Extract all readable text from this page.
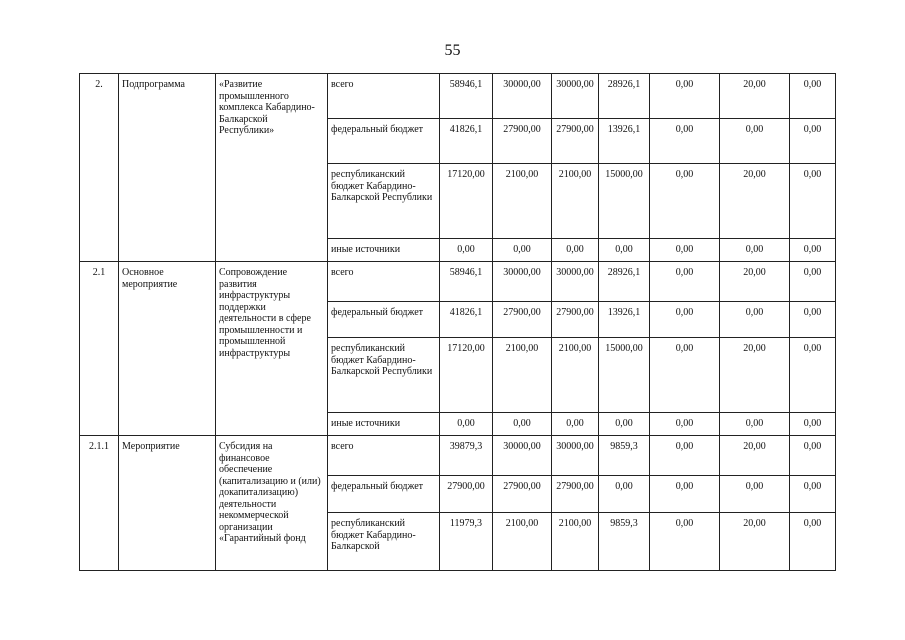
55
2.	Подпрограмма	«Развитие промышленного комплекса Кабардино-Балкарской Республики»	всего	58946,1	30000,00	30000,00	28926,1	0,00	20,00	0,00
			федеральный бюджет	41826,1	27900,00	27900,00	13926,1	0,00	0,00	0,00
			республиканский бюджет Кабардино-Балкарской Республики	17120,00	2100,00	2100,00	15000,00	0,00	20,00	0,00
			иные источники	0,00	0,00	0,00	0,00	0,00	0,00	0,00
2.1	Основное мероприятие	Сопровождение развития инфраструктуры поддержки деятельности в сфере промышленности и промышленной инфраструктуры	всего	58946,1	30000,00	30000,00	28926,1	0,00	20,00	0,00
			федеральный бюджет	41826,1	27900,00	27900,00	13926,1	0,00	0,00	0,00
			республиканский бюджет Кабардино-Балкарской Республики	17120,00	2100,00	2100,00	15000,00	0,00	20,00	0,00
			иные источники	0,00	0,00	0,00	0,00	0,00	0,00	0,00
2.1.1	Мероприятие	Субсидия на финансовое обеспечение (капитализацию и (или) докапитализацию) деятельности некоммерческой организации «Гарантийный фонд	всего	39879,3	30000,00	30000,00	9859,3	0,00	20,00	0,00
			федеральный бюджет	27900,00	27900,00	27900,00	0,00	0,00	0,00	0,00
			республиканский бюджет Кабардино-Балкарской	11979,3	2100,00	2100,00	9859,3	0,00	20,00	0,00
